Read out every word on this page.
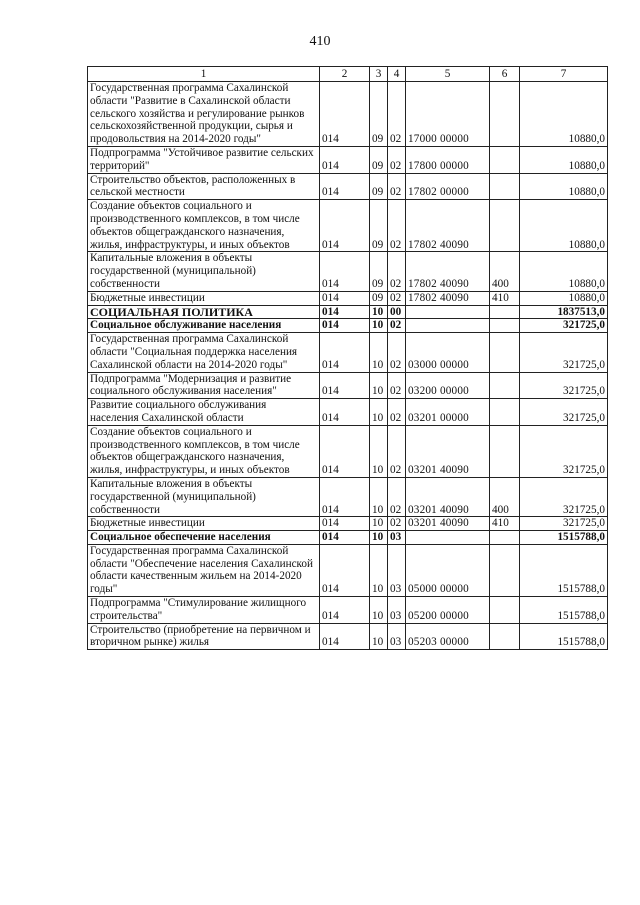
410
1	2	3	4	5	6	7
Государственная программа Сахалинской области "Развитие в Сахалинской области сельского хозяйства и регулирование рынков сельскохозяйственной продукции, сырья и продовольствия на 2014-2020 годы"	014	09	02	17000 00000		10880,0
Подпрограмма "Устойчивое развитие сельских территорий"	014	09	02	17800 00000		10880,0
Строительство объектов, расположенных в сельской местности	014	09	02	17802 00000		10880,0
Создание объектов социального и производственного комплексов, в том числе объектов общегражданского назначения, жилья, инфраструктуры, и иных объектов	014	09	02	17802 40090		10880,0
Капитальные вложения в объекты государственной (муниципальной) собственности	014	09	02	17802 40090	400	10880,0
Бюджетные инвестиции	014	09	02	17802 40090	410	10880,0
СОЦИАЛЬНАЯ ПОЛИТИКА	014	10	00			1837513,0
Социальное обслуживание населения	014	10	02			321725,0
Государственная программа Сахалинской области "Социальная поддержка населения Сахалинской области на 2014-2020 годы"	014	10	02	03000 00000		321725,0
Подпрограмма "Модернизация и развитие социального обслуживания населения"	014	10	02	03200 00000		321725,0
Развитие социального обслуживания населения Сахалинской области	014	10	02	03201 00000		321725,0
Создание объектов социального и производственного комплексов, в том числе объектов общегражданского назначения, жилья, инфраструктуры, и иных объектов	014	10	02	03201 40090		321725,0
Капитальные вложения в объекты государственной (муниципальной) собственности	014	10	02	03201 40090	400	321725,0
Бюджетные инвестиции	014	10	02	03201 40090	410	321725,0
Социальное обеспечение населения	014	10	03			1515788,0
Государственная программа Сахалинской области "Обеспечение населения Сахалинской области качественным жильем на 2014-2020 годы"	014	10	03	05000 00000		1515788,0
Подпрограмма "Стимулирование жилищного строительства"	014	10	03	05200 00000		1515788,0
Строительство (приобретение на первичном и вторичном рынке) жилья	014	10	03	05203 00000		1515788,0
